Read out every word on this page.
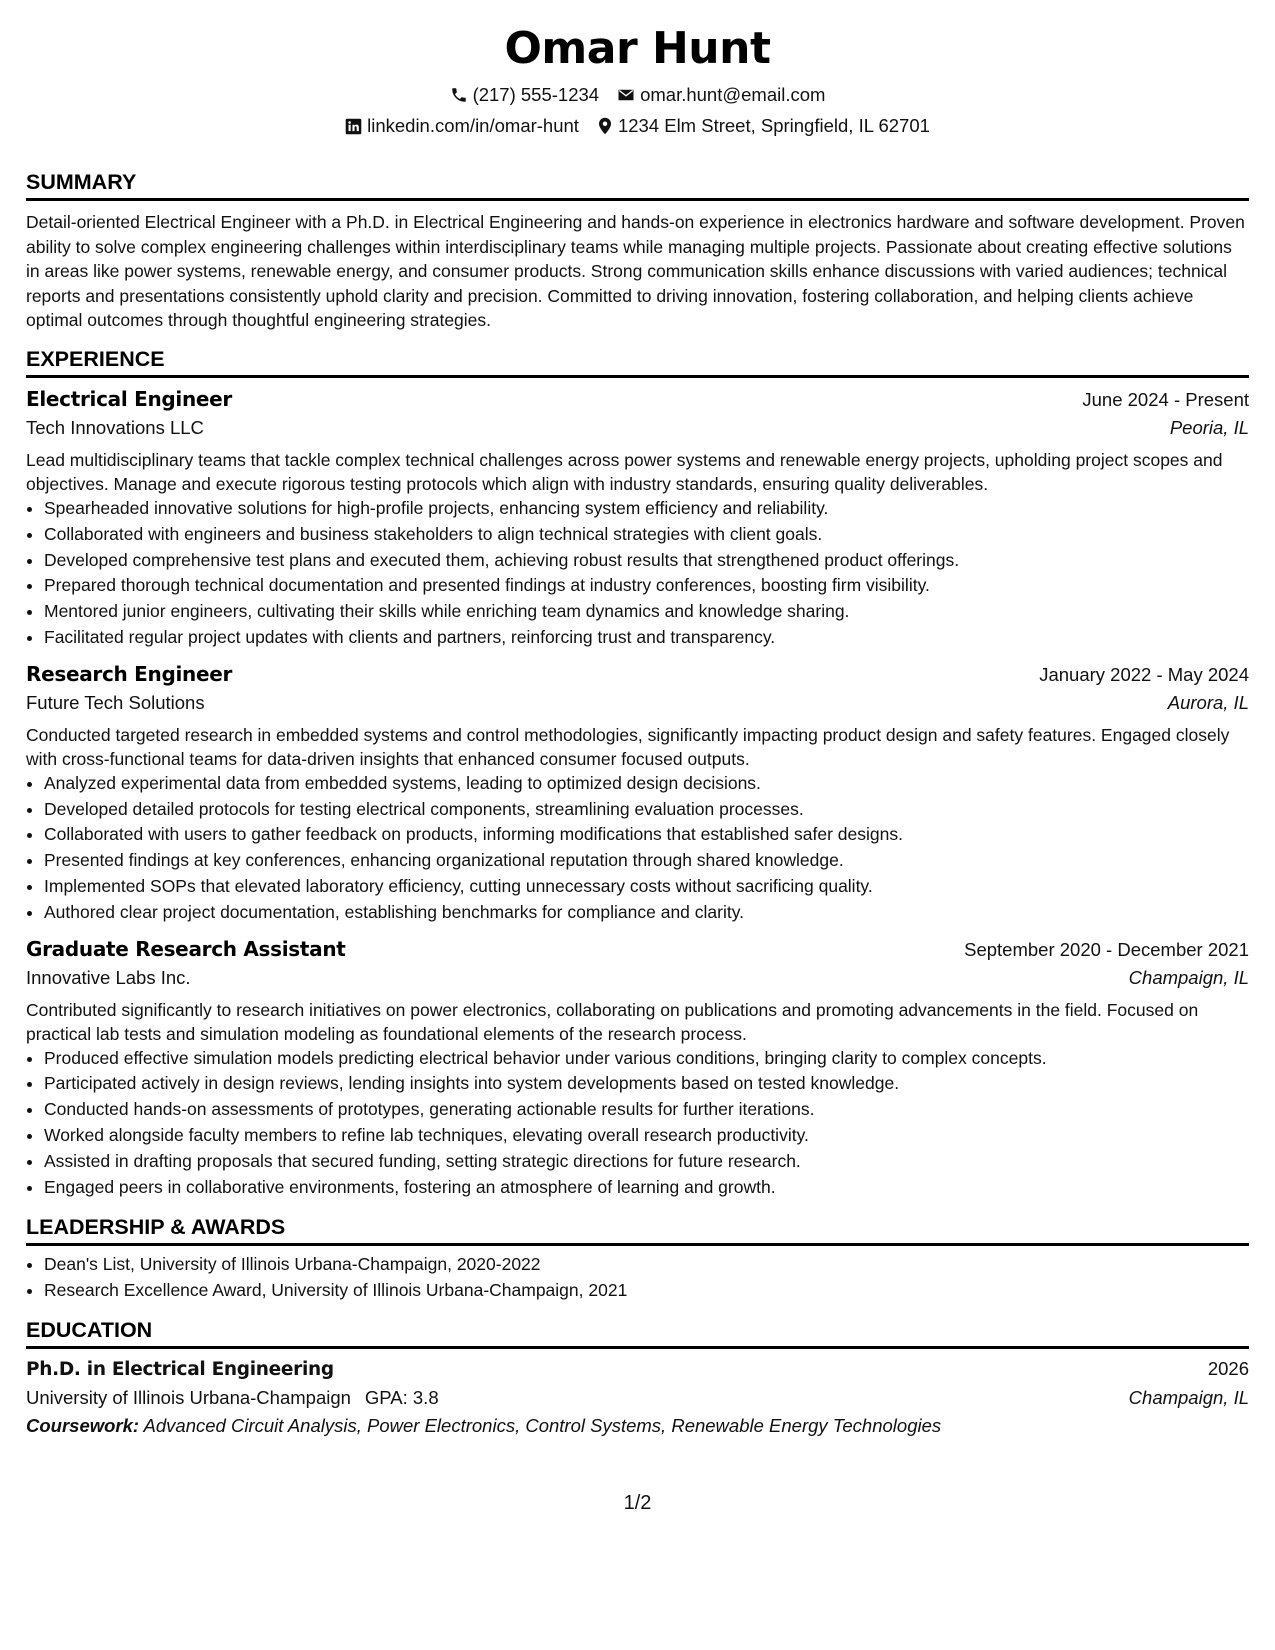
Omar Hunt
(217) 555-1234 omar.hunt@email.com
linkedin.com/in/omar-hunt 1234 Elm Street, Springfield, IL 62701
SUMMARY

Detail-oriented Electrical Engineer with a Ph.D. in Electrical Engineering and hands-on experience in electronics hardware and software development. Proven ability to solve complex engineering challenges within interdisciplinary teams while managing multiple projects. Passionate about creating effective solutions in areas like power systems, renewable energy, and consumer products. Strong communication skills enhance discussions with varied audiences; technical reports and presentations consistently uphold clarity and precision. Committed to driving innovation, fostering collaboration, and helping clients achieve optimal outcomes through thoughtful engineering strategies.

EXPERIENCE
Electrical Engineer	June 2024 - Present
Tech Innovations LLC	Peoria, IL

Lead multidisciplinary teams that tackle complex technical challenges across power systems and renewable energy projects, upholding project scopes and objectives. Manage and execute rigorous testing protocols which align with industry standards, ensuring quality deliverables.

• Spearheaded innovative solutions for high-profile projects, enhancing system efficiency and reliability.
• Collaborated with engineers and business stakeholders to align technical strategies with client goals.
• Developed comprehensive test plans and executed them, achieving robust results that strengthened product offerings.
• Prepared thorough technical documentation and presented findings at industry conferences, boosting firm visibility.
• Mentored junior engineers, cultivating their skills while enriching team dynamics and knowledge sharing.
• Facilitated regular project updates with clients and partners, reinforcing trust and transparency.
Research Engineer	January 2022 - May 2024
Future Tech Solutions	Aurora, IL

Conducted targeted research in embedded systems and control methodologies, significantly impacting product design and safety features. Engaged closely with cross-functional teams for data-driven insights that enhanced consumer focused outputs.

• Analyzed experimental data from embedded systems, leading to optimized design decisions.
• Developed detailed protocols for testing electrical components, streamlining evaluation processes.
• Collaborated with users to gather feedback on products, informing modifications that established safer designs.
• Presented findings at key conferences, enhancing organizational reputation through shared knowledge.
• Implemented SOPs that elevated laboratory efficiency, cutting unnecessary costs without sacrificing quality.
• Authored clear project documentation, establishing benchmarks for compliance and clarity.
Graduate Research Assistant	September 2020 - December 2021
Innovative Labs Inc.	Champaign, IL

Contributed significantly to research initiatives on power electronics, collaborating on publications and promoting advancements in the field. Focused on practical lab tests and simulation modeling as foundational elements of the research process.

• Produced effective simulation models predicting electrical behavior under various conditions, bringing clarity to complex concepts.
• Participated actively in design reviews, lending insights into system developments based on tested knowledge.
• Conducted hands-on assessments of prototypes, generating actionable results for further iterations.
• Worked alongside faculty members to refine lab techniques, elevating overall research productivity.
• Assisted in drafting proposals that secured funding, setting strategic directions for future research.
• Engaged peers in collaborative environments, fostering an atmosphere of learning and growth.
LEADERSHIP & AWARDS
• Dean's List, University of Illinois Urbana-Champaign, 2020-2022
• Research Excellence Award, University of Illinois Urbana-Champaign, 2021
EDUCATION
Ph.D. in Electrical Engineering	2026
University of Illinois Urbana-Champaign GPA: 3.8	Champaign, IL
Coursework: Advanced Circuit Analysis, Power Electronics, Control Systems, Renewable Energy Technologies
1/2
